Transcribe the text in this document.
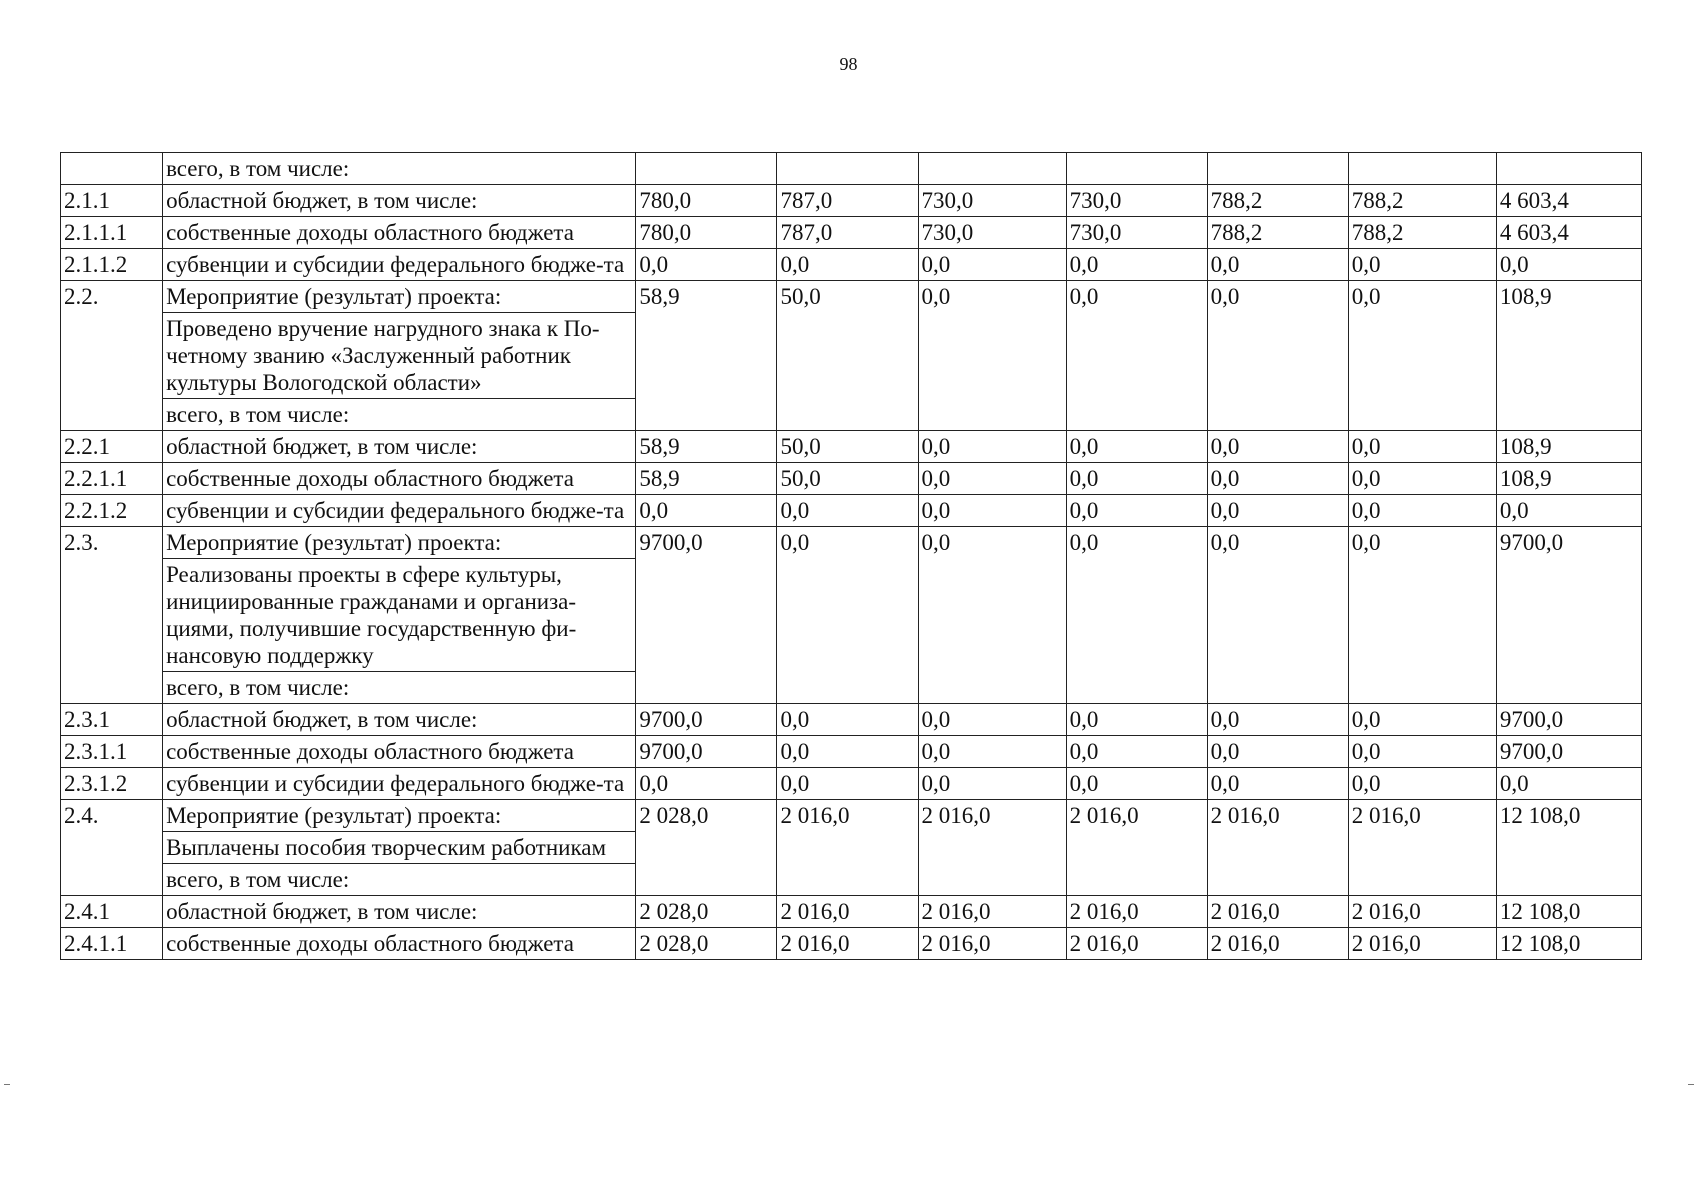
98
	всего, в том числе:							
2.1.1	областной бюджет, в том числе:	780,0	787,0	730,0	730,0	788,2	788,2	4 603,4
2.1.1.1	собственные доходы областного бюджета	780,0	787,0	730,0	730,0	788,2	788,2	4 603,4
2.1.1.2	субвенции и субсидии федерального бюдже-та	0,0	0,0	0,0	0,0	0,0	0,0	0,0
2.2.	Мероприятие (результат) проекта:	58,9	50,0	0,0	0,0	0,0	0,0	108,9
	Проведено вручение нагрудного знака к По-четному званию «Заслуженный работник культуры Вологодской области»							
	всего, в том числе:							
2.2.1	областной бюджет, в том числе:	58,9	50,0	0,0	0,0	0,0	0,0	108,9
2.2.1.1	собственные доходы областного бюджета	58,9	50,0	0,0	0,0	0,0	0,0	108,9
2.2.1.2	субвенции и субсидии федерального бюдже-та	0,0	0,0	0,0	0,0	0,0	0,0	0,0
2.3.	Мероприятие (результат) проекта:	9700,0	0,0	0,0	0,0	0,0	0,0	9700,0
	Реализованы проекты в сфере культуры, инициированные гражданами и организа-циями, получившие государственную фи-нансовую поддержку							
	всего, в том числе:							
2.3.1	областной бюджет, в том числе:	9700,0	0,0	0,0	0,0	0,0	0,0	9700,0
2.3.1.1	собственные доходы областного бюджета	9700,0	0,0	0,0	0,0	0,0	0,0	9700,0
2.3.1.2	субвенции и субсидии федерального бюдже-та	0,0	0,0	0,0	0,0	0,0	0,0	0,0
2.4.	Мероприятие (результат) проекта:	2 028,0	2 016,0	2 016,0	2 016,0	2 016,0	2 016,0	12 108,0
	Выплачены пособия творческим работникам							
	всего, в том числе:							
2.4.1	областной бюджет, в том числе:	2 028,0	2 016,0	2 016,0	2 016,0	2 016,0	2 016,0	12 108,0
2.4.1.1	собственные доходы областного бюджета	2 028,0	2 016,0	2 016,0	2 016,0	2 016,0	2 016,0	12 108,0
